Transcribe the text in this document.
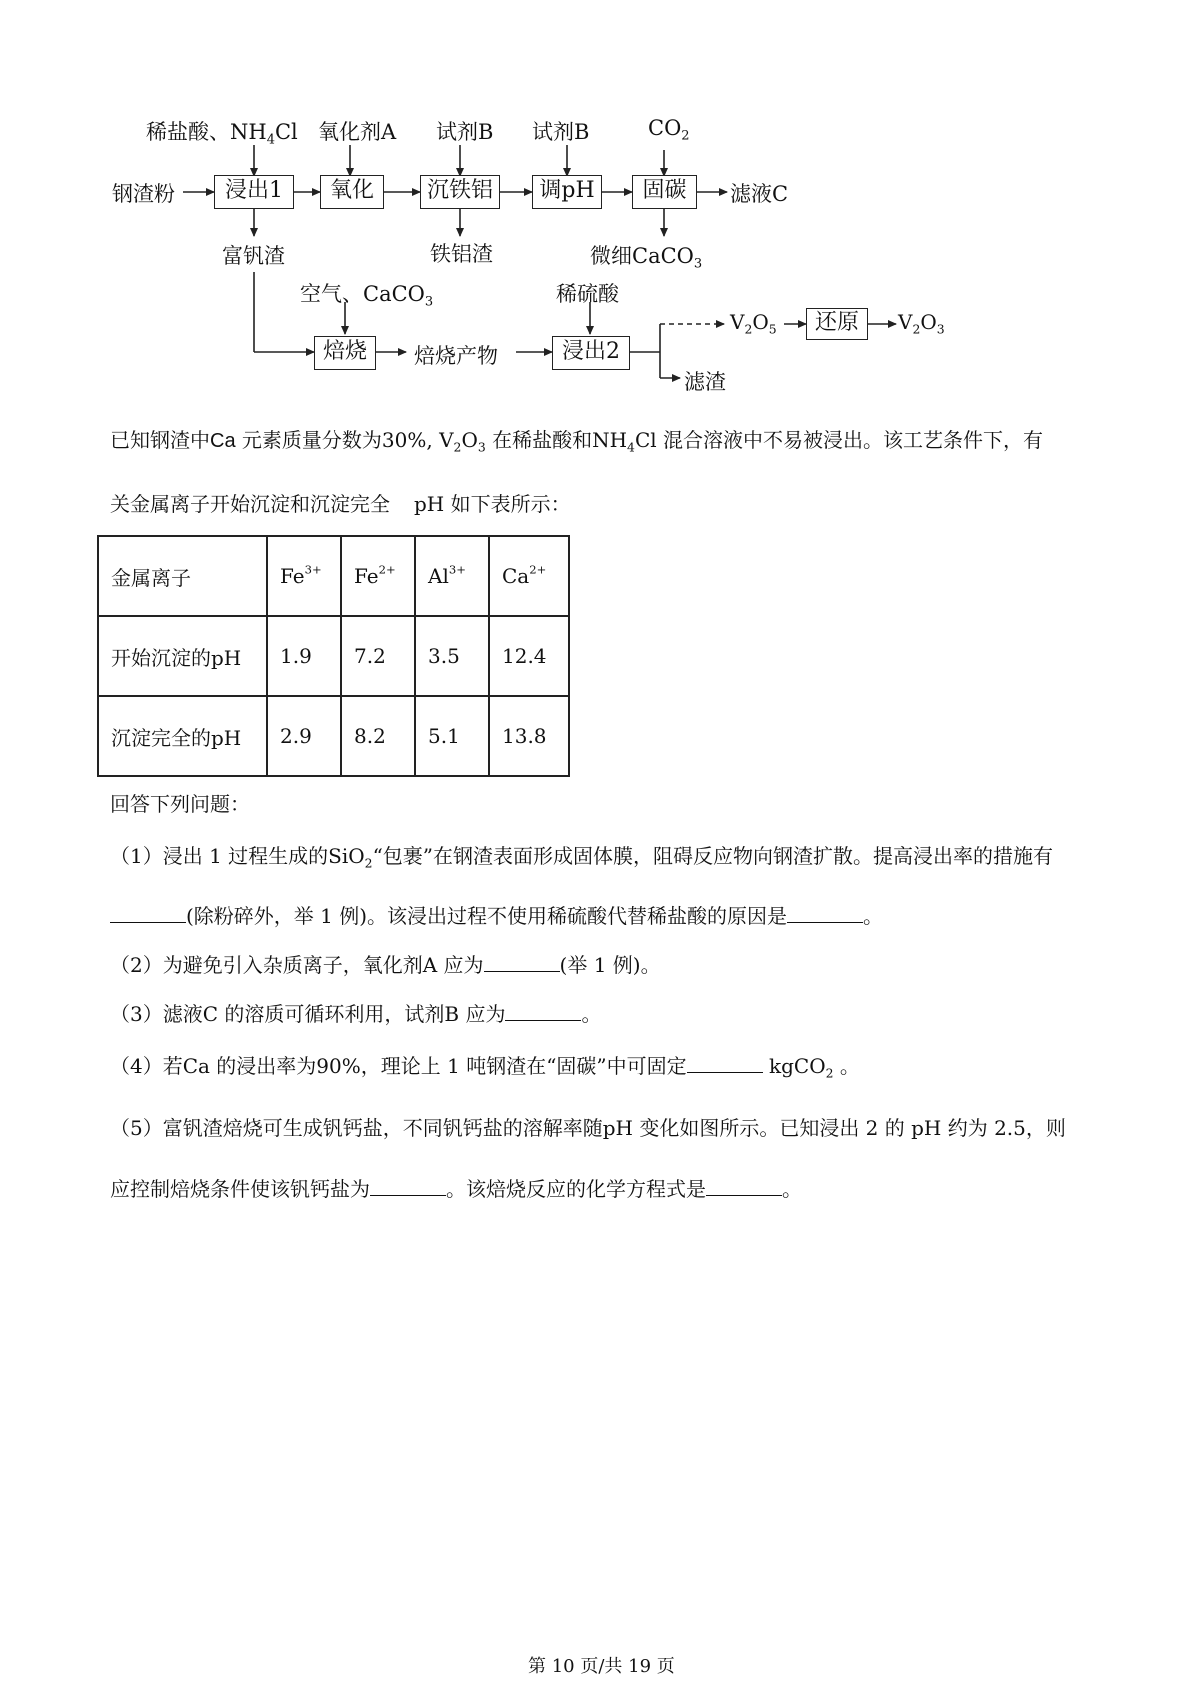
稀盐酸、$NH_4Cl$ 氧化剂A 试剂B 试剂B	$CO_2$
钢渣粉	浸出1	氧化	沉铁铝	调pH	固碳	滤液C
富钒渣	铁铝渣	微细CaCO$_3$
空气、CaCO$_3$	稀硫酸
焙烧	焙烧产物	浸出2
$V_2O_5$	还原	$V_2O_3$
滤渣
已知钢渣中Ca 元素质量分数为30%, $V_2O_3$ 在稀盐酸和$NH_4Cl$ 混合溶液中不易被浸出。该工艺条件下，有
关金属离子开始沉淀和沉淀完全 pH 如下表所示：
金属离子	$Fe^{3+}$	$Fe^{2+}$	$Al^{3+}$	$Ca^{2+}$
开始沉淀的pH	1.9	7.2	3.5	12.4
沉淀完全的pH	2.9	8.2	5.1	13.8
回答下列问题：
（1）浸出 1 过程生成的SiO$_2$“包裹”在钢渣表面形成固体膜，阻碍反应物向钢渣扩散。提高浸出率的措施有
(除粉碎外，举 1 例)。该浸出过程不使用稀硫酸代替稀盐酸的原因是	。
（2）为避免引入杂质离子，氧化剂A 应为	(举 1 例)。
（3）滤液C 的溶质可循环利用，试剂B 应为	。
（4）若Ca 的浸出率为90%，理论上 1 吨钢渣在“固碳”中可固定	kgCO$_2$ 。
（5）富钒渣焙烧可生成钒钙盐，不同钒钙盐的溶解率随pH 变化如图所示。已知浸出 2 的 pH 约为 2.5，则
应控制焙烧条件使该钒钙盐为	。该焙烧反应的化学方程式是	。
第 10 页/共 19 页
